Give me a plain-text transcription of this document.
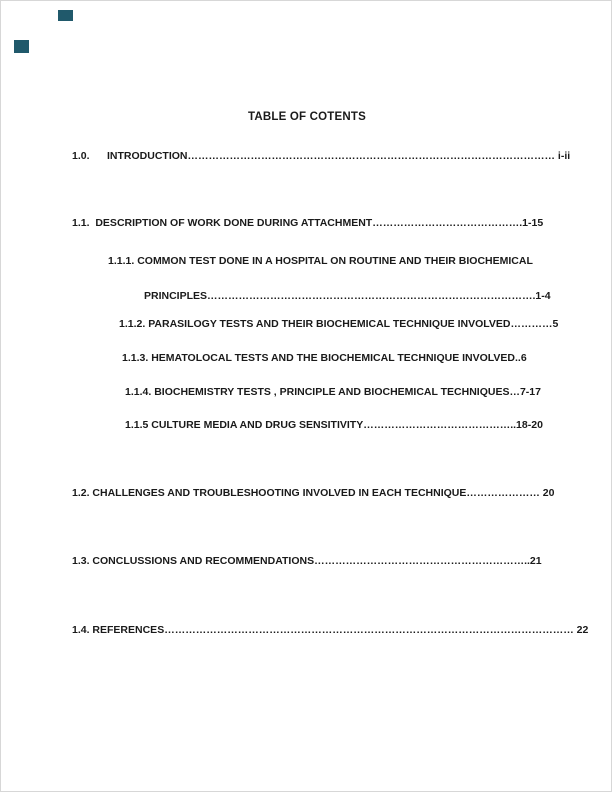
TABLE OF COTENTS
1.0.      INTRODUCTION…………………………………………………………………………………………… i-ii
1.1.  DESCRIPTION OF WORK DONE DURING ATTACHMENT…………………………………….1-15
1.1.1. COMMON TEST DONE IN A HOSPITAL ON ROUTINE AND THEIR BIOCHEMICAL
PRINCIPLES………………………………………………………………………………….1-4
1.1.2. PARASILOGY TESTS AND THEIR BIOCHEMICAL TECHNIQUE INVOLVED…………5
1.1.3. HEMATOLOCAL TESTS AND THE BIOCHEMICAL TECHNIQUE INVOLVED..6
1.1.4. BIOCHEMISTRY TESTS , PRINCIPLE AND BIOCHEMICAL TECHNIQUES…7-17
1.1.5 CULTURE MEDIA AND DRUG SENSITIVITY……………………………………..18-20
1.2. CHALLENGES AND TROUBLESHOOTING INVOLVED IN EACH TECHNIQUE………………… 20
1.3. CONCLUSSIONS AND RECOMMENDATIONS……………………………………………………..21
1.4. REFERENCES……………………………………………………………………………………………………… 22
